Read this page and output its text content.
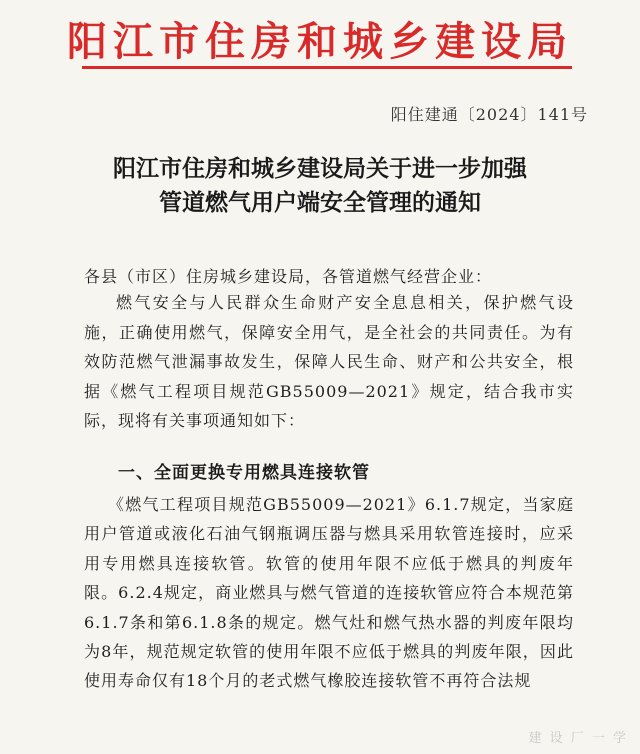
阳江市住房和城乡建设局
阳住建通〔2024〕141号
阳江市住房和城乡建设局关于进一步加强
管道燃气用户端安全管理的通知
各县（市区）住房城乡建设局，各管道燃气经营企业：
燃气安全与人民群众生命财产安全息息相关，保护燃气设施，正确使用燃气，保障安全用气，是全社会的共同责任。为有效防范燃气泄漏事故发生，保障人民生命、财产和公共安全，根据《燃气工程项目规范GB55009—2021》规定，结合我市实际，现将有关事项通知如下：
一、全面更换专用燃具连接软管
《燃气工程项目规范GB55009—2021》6.1.7规定，当家庭用户管道或液化石油气钢瓶调压器与燃具采用软管连接时，应采用专用燃具连接软管。软管的使用年限不应低于燃具的判废年限。6.2.4规定，商业燃具与燃气管道的连接软管应符合本规范第6.1.7条和第6.1.8条的规定。燃气灶和燃气热水器的判废年限均为8年，规范规定软管的使用年限不应低于燃具的判废年限，因此使用寿命仅有18个月的老式燃气橡胶连接软管不再符合法规
建 设 厂 一 学
